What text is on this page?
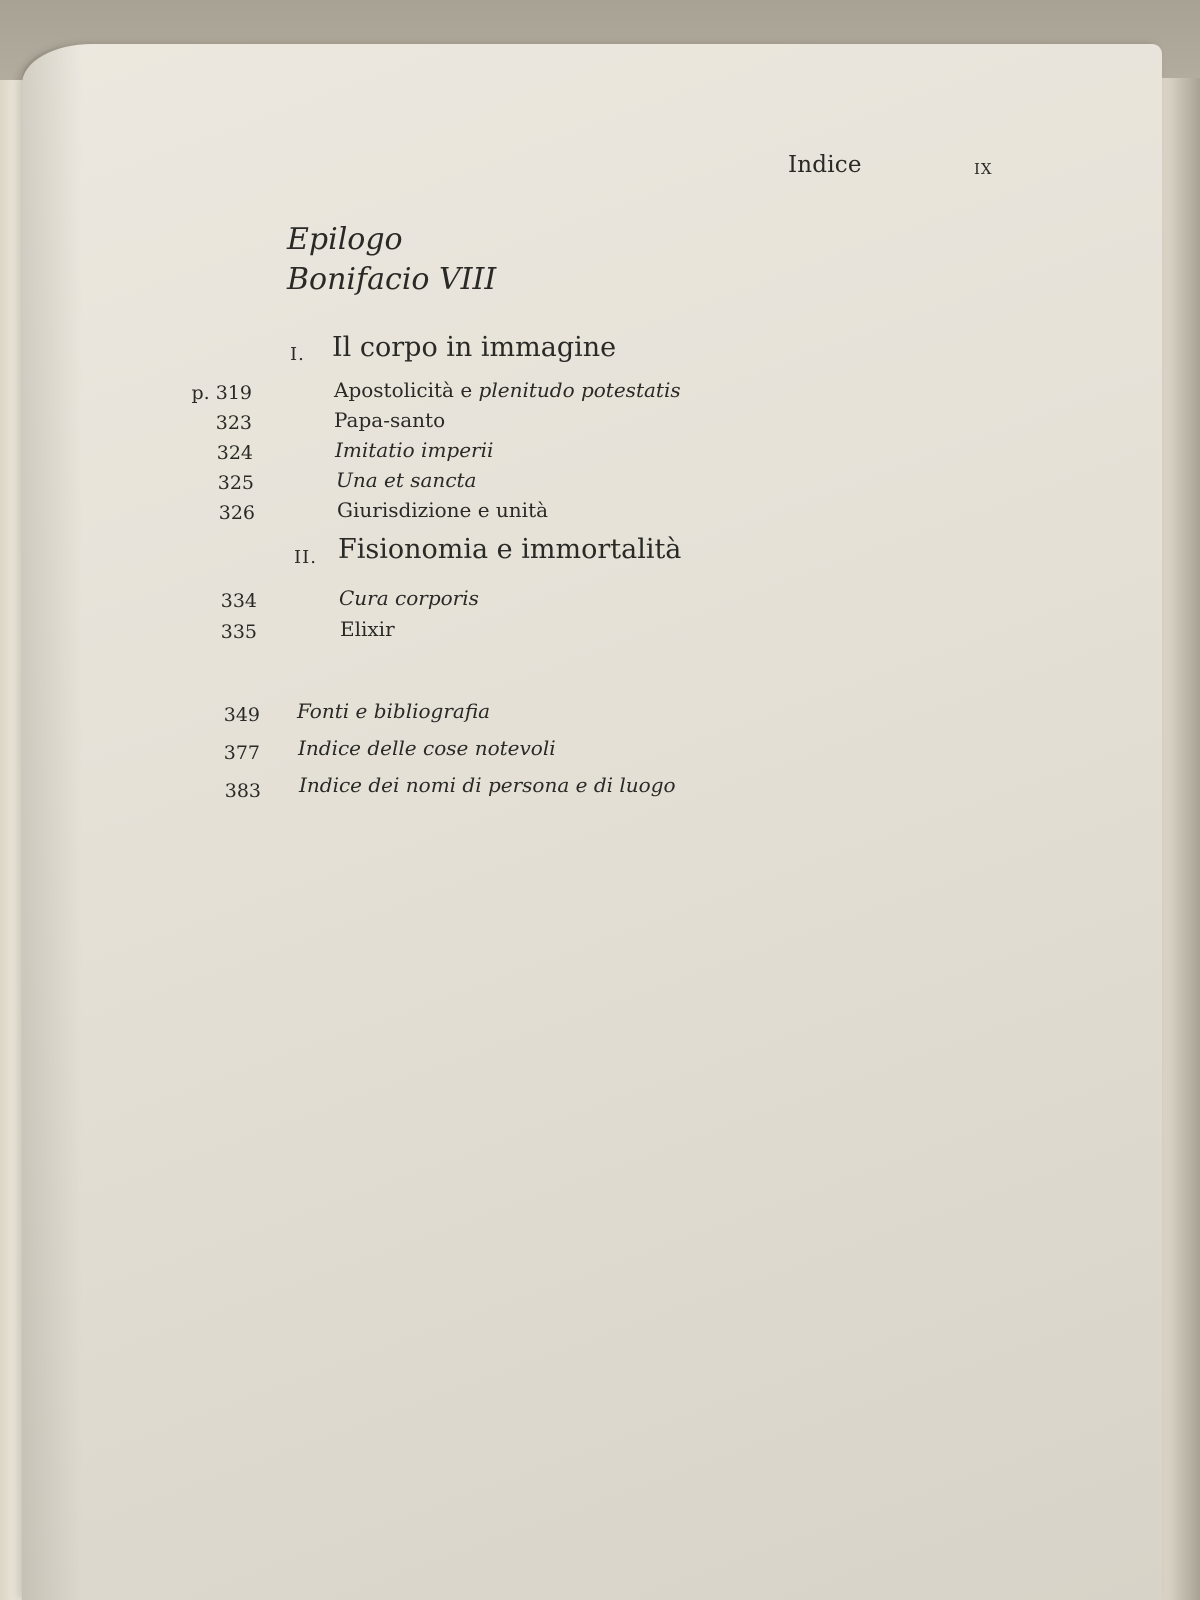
Indice	IX
Epilogo
Bonifacio VIII
I. Il corpo in immagine
p. 319	Apostolicità e plenitudo potestatis
323	Papa-santo
324	Imitatio imperii
325	Una et sancta
326	Giurisdizione e unità
II. Fisionomia e immortalità
334	Cura corporis
335	Elixir
349 Fonti e bibliografia
377 Indice delle cose notevoli
383 Indice dei nomi di persona e di luogo
